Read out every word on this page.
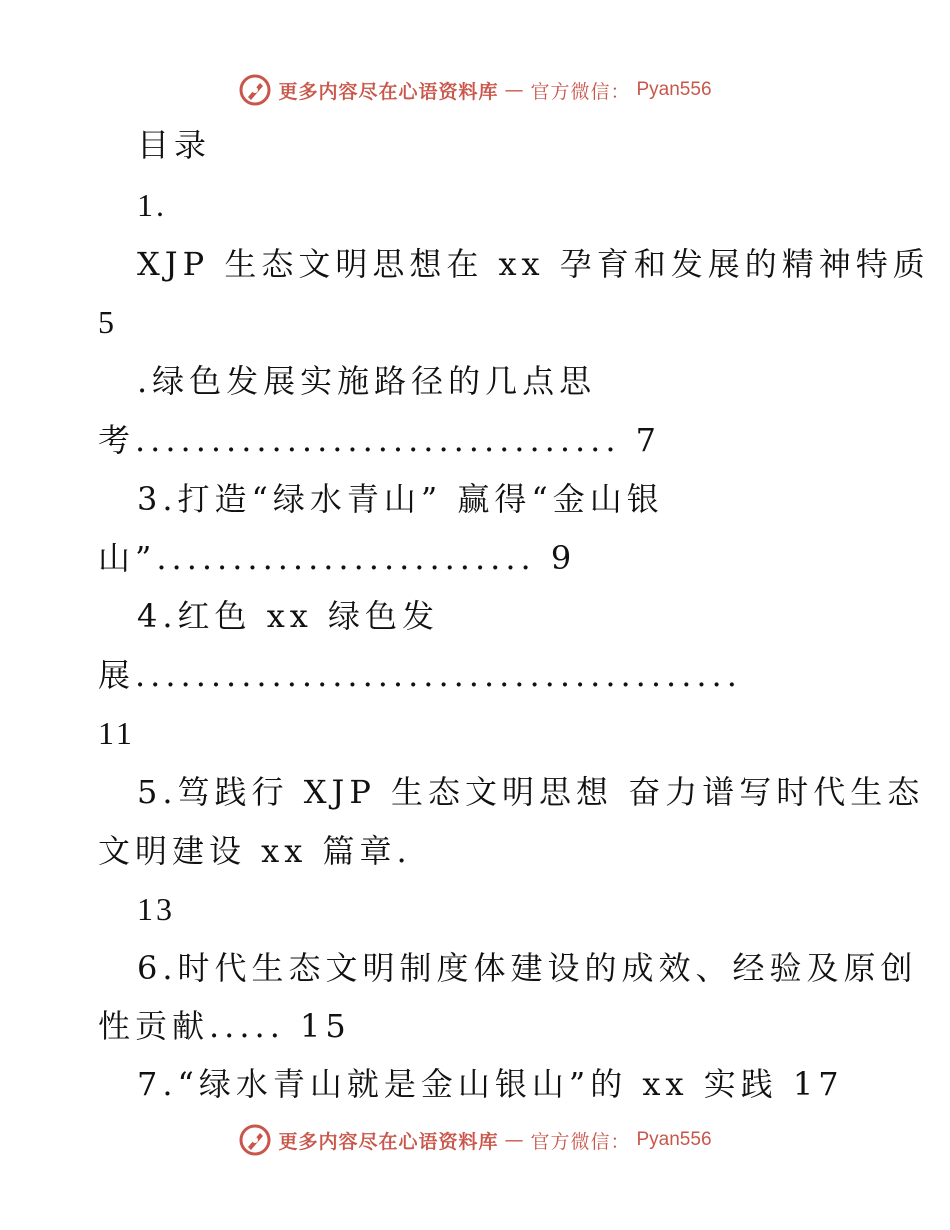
更多内容尽在心语资料库 — 官方微信： Pyan556
目录
1.
XJP 生态文明思想在 xx 孕育和发展的精神特质
5
.绿色发展实施路径的几点思
考................................ 7
3.打造“绿水青山” 赢得“金山银
山”......................... 9
4.红色 xx 绿色发
展........................................
11
5.笃践行 XJP 生态文明思想 奋力谱写时代生态
文明建设 xx 篇章.
13
6.时代生态文明制度体建设的成效、经验及原创
性贡献..... 15
7.“绿水青山就是金山银山”的 xx 实践 17
更多内容尽在心语资料库 — 官方微信： Pyan556
